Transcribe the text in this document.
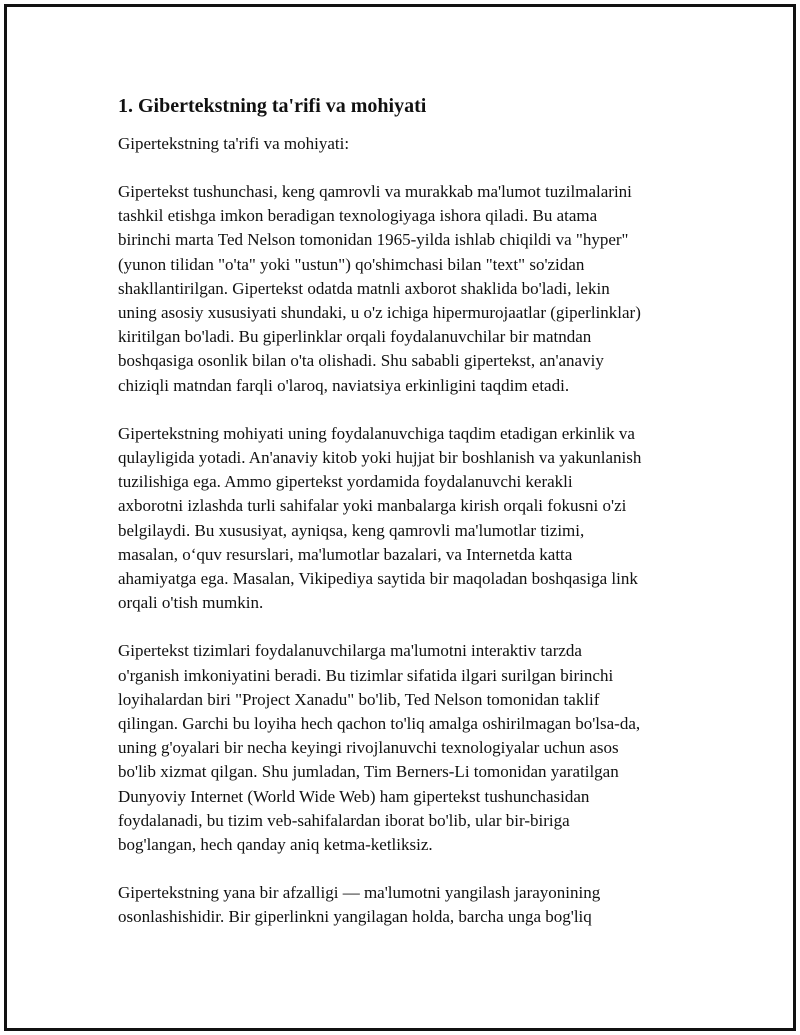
1. Gibertekstning ta'rifi va mohiyati

Gipertekstning ta'rifi va mohiyati:

Gipertekst tushunchasi, keng qamrovli va murakkab ma'lumot tuzilmalarini
tashkil etishga imkon beradigan texnologiyaga ishora qiladi. Bu atama
birinchi marta Ted Nelson tomonidan 1965-yilda ishlab chiqildi va "hyper"
(yunon tilidan "o'ta" yoki "ustun") qo'shimchasi bilan "text" so'zidan
shakllantirilgan. Gipertekst odatda matnli axborot shaklida bo'ladi, lekin
uning asosiy xususiyati shundaki, u o'z ichiga hipermurojaatlar (giperlinklar)
kiritilgan bo'ladi. Bu giperlinklar orqali foydalanuvchilar bir matndan
boshqasiga osonlik bilan o'ta olishadi. Shu sababli gipertekst, an'anaviy
chiziqli matndan farqli o'laroq, naviatsiya erkinligini taqdim etadi.

Gipertekstning mohiyati uning foydalanuvchiga taqdim etadigan erkinlik va
qulayligida yotadi. An'anaviy kitob yoki hujjat bir boshlanish va yakunlanish
tuzilishiga ega. Ammo gipertekst yordamida foydalanuvchi kerakli
axborotni izlashda turli sahifalar yoki manbalarga kirish orqali fokusni o'zi
belgilaydi. Bu xususiyat, ayniqsa, keng qamrovli ma'lumotlar tizimi,
masalan, o‘quv resurslari, ma'lumotlar bazalari, va Internetda katta
ahamiyatga ega. Masalan, Vikipediya saytida bir maqoladan boshqasiga link
orqali o'tish mumkin.

Gipertekst tizimlari foydalanuvchilarga ma'lumotni interaktiv tarzda
o'rganish imkoniyatini beradi. Bu tizimlar sifatida ilgari surilgan birinchi
loyihalardan biri "Project Xanadu" bo'lib, Ted Nelson tomonidan taklif
qilingan. Garchi bu loyiha hech qachon to'liq amalga oshirilmagan bo'lsa-da,
uning g'oyalari bir necha keyingi rivojlanuvchi texnologiyalar uchun asos
bo'lib xizmat qilgan. Shu jumladan, Tim Berners-Li tomonidan yaratilgan
Dunyoviy Internet (World Wide Web) ham gipertekst tushunchasidan
foydalanadi, bu tizim veb-sahifalardan iborat bo'lib, ular bir-biriga
bog'langan, hech qanday aniq ketma-ketliksiz.

Gipertekstning yana bir afzalligi — ma'lumotni yangilash jarayonining
osonlashishidir. Bir giperlinkni yangilagan holda, barcha unga bog'liq
